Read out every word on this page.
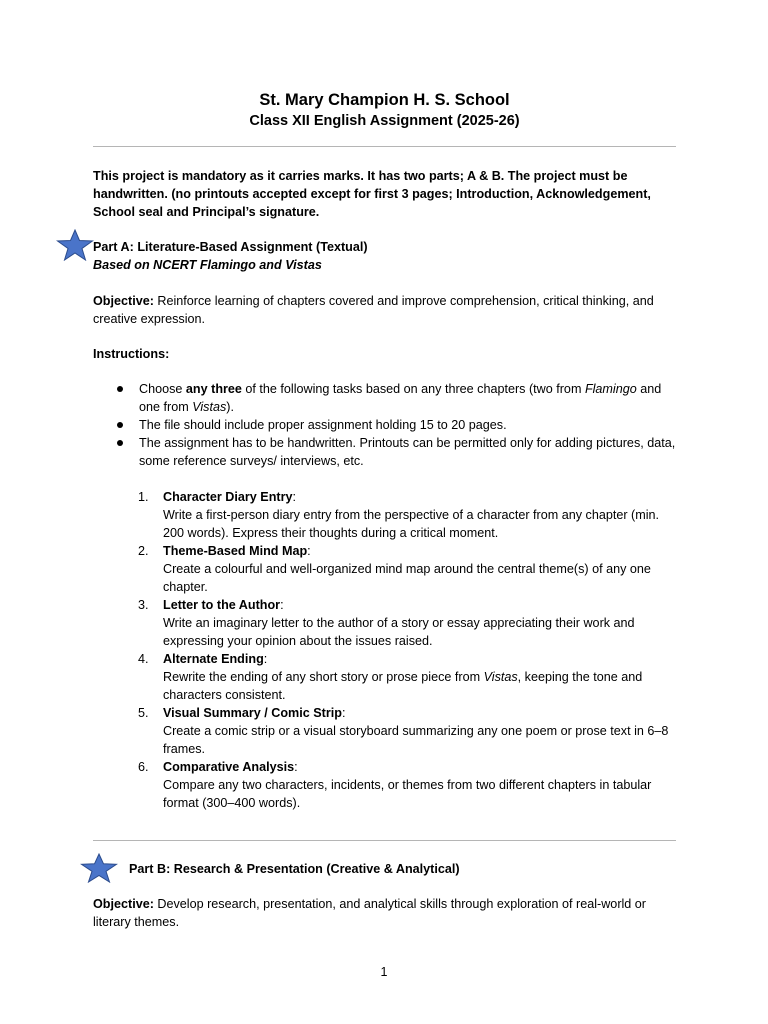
St. Mary Champion H. S. School
Class XII English Assignment (2025-26)
This project is mandatory as it carries marks. It has two parts; A & B. The project must be handwritten. (no printouts accepted except for first 3 pages; Introduction, Acknowledgement, School seal and Principal’s signature.
Part A: Literature-Based Assignment (Textual)
Based on NCERT Flamingo and Vistas
Objective: Reinforce learning of chapters covered and improve comprehension, critical thinking, and creative expression.
Instructions:
Choose any three of the following tasks based on any three chapters (two from Flamingo and one from Vistas).
The file should include proper assignment holding 15 to 20 pages.
The assignment has to be handwritten. Printouts can be permitted only for adding pictures, data, some reference surveys/ interviews, etc.
1. Character Diary Entry:
Write a first-person diary entry from the perspective of a character from any chapter (min. 200 words). Express their thoughts during a critical moment.
2. Theme-Based Mind Map:
Create a colourful and well-organized mind map around the central theme(s) of any one chapter.
3. Letter to the Author:
Write an imaginary letter to the author of a story or essay appreciating their work and expressing your opinion about the issues raised.
4. Alternate Ending:
Rewrite the ending of any short story or prose piece from Vistas, keeping the tone and characters consistent.
5. Visual Summary / Comic Strip:
Create a comic strip or a visual storyboard summarizing any one poem or prose text in 6–8 frames.
6. Comparative Analysis:
Compare any two characters, incidents, or themes from two different chapters in tabular format (300–400 words).
Part B: Research & Presentation (Creative & Analytical)
Objective: Develop research, presentation, and analytical skills through exploration of real-world or literary themes.
1
